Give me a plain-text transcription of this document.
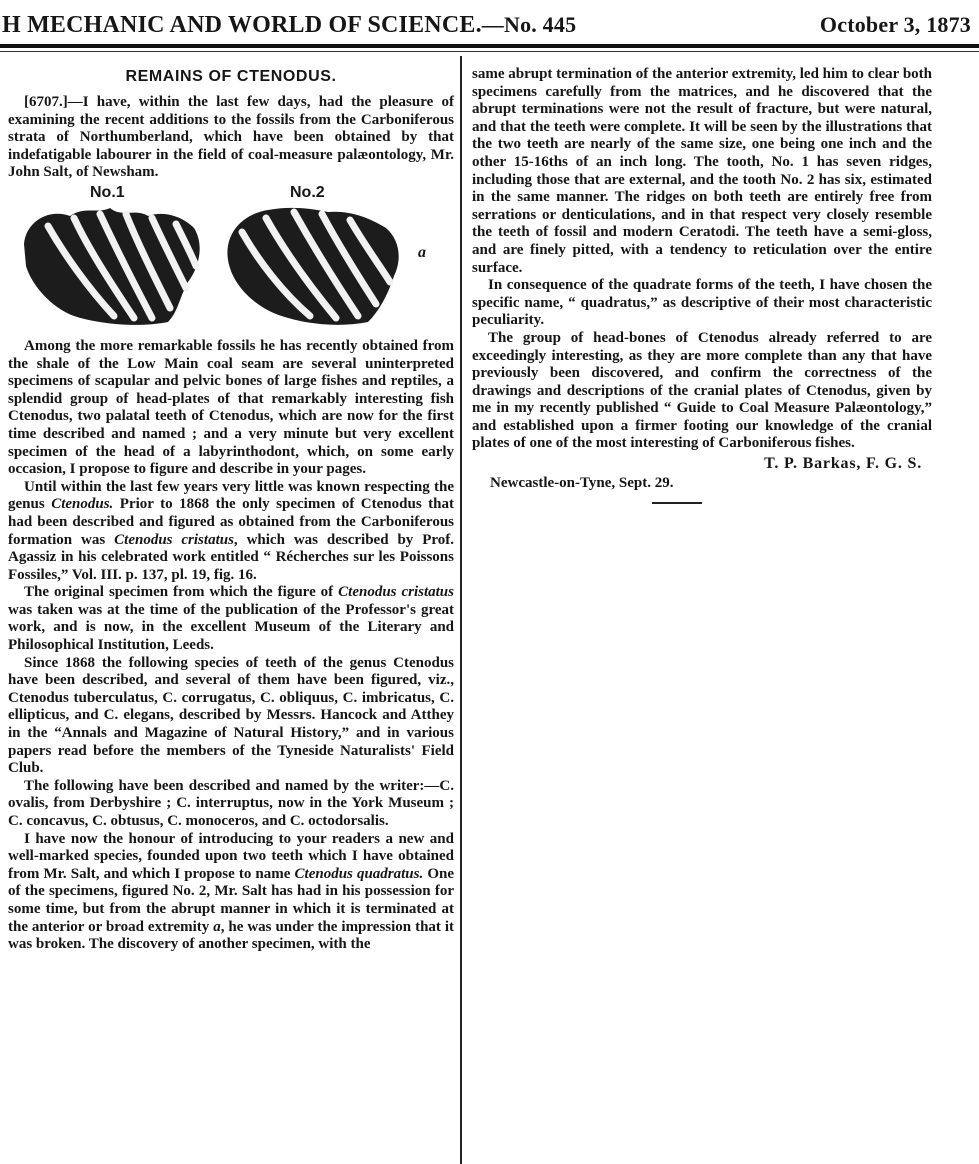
H MECHANIC AND WORLD OF SCIENCE.—No. 445	October 3, 1873
REMAINS OF CTENODUS.

[6707.]—I have, within the last few days, had the pleasure of examining the recent additions to the fossils from the Carboniferous strata of Northumberland, which have been obtained by that indefatigable labourer in the field of coal-measure palæontology, Mr. John Salt, of Newsham.

No.1	No.2
a

Among the more remarkable fossils he has recently obtained from the shale of the Low Main coal seam are several uninterpreted specimens of scapular and pelvic bones of large fishes and reptiles, a splendid group of head-plates of that remarkably interesting fish Ctenodus, two palatal teeth of Ctenodus, which are now for the first time described and named ; and a very minute but very excellent specimen of the head of a labyrinthodont, which, on some early occasion, I propose to figure and describe in your pages.

Until within the last few years very little was known respecting the genus Ctenodus. Prior to 1868 the only specimen of Ctenodus that had been described and figured as obtained from the Carboniferous formation was Ctenodus cristatus, which was described by Prof. Agassiz in his celebrated work entitled “ Récherches sur les Poissons Fossiles,” Vol. III. p. 137, pl. 19, fig. 16.

The original specimen from which the figure of Ctenodus cristatus was taken was at the time of the publication of the Professor's great work, and is now, in the excellent Museum of the Literary and Philosophical Institution, Leeds.

Since 1868 the following species of teeth of the genus Ctenodus have been described, and several of them have been figured, viz., Ctenodus tuberculatus, C. corrugatus, C. obliquus, C. imbricatus, C. ellipticus, and C. elegans, described by Messrs. Hancock and Atthey in the “Annals and Magazine of Natural History,” and in various papers read before the members of the Tyneside Naturalists' Field Club.

The following have been described and named by the writer:—C. ovalis, from Derbyshire ; C. interruptus, now in the York Museum ; C. concavus, C. obtusus, C. monoceros, and C. octodorsalis.

I have now the honour of introducing to your readers a new and well-marked species, founded upon two teeth which I have obtained from Mr. Salt, and which I propose to name Ctenodus quadratus. One of the specimens, figured No. 2, Mr. Salt has had in his possession for some time, but from the abrupt manner in which it is terminated at the anterior or broad extremity a, he was under the impression that it was broken. The discovery of another specimen, with the

same abrupt termination of the anterior extremity, led him to clear both specimens carefully from the matrices, and he discovered that the abrupt terminations were not the result of fracture, but were natural, and that the teeth were complete. It will be seen by the illustrations that the two teeth are nearly of the same size, one being one inch and the other 15-16ths of an inch long. The tooth, No. 1 has seven ridges, including those that are external, and the tooth No. 2 has six, estimated in the same manner. The ridges on both teeth are entirely free from serrations or denticulations, and in that respect very closely resemble the teeth of fossil and modern Ceratodi. The teeth have a semi-gloss, and are finely pitted, with a tendency to reticulation over the entire surface.

In consequence of the quadrate forms of the teeth, I have chosen the specific name, “ quadratus,” as descriptive of their most characteristic peculiarity.

The group of head-bones of Ctenodus already referred to are exceedingly interesting, as they are more complete than any that have previously been discovered, and confirm the correctness of the drawings and descriptions of the cranial plates of Ctenodus, given by me in my recently published “ Guide to Coal Measure Palæontology,” and established upon a firmer footing our knowledge of the cranial plates of one of the most interesting of Carboniferous fishes.

T. P. Barkas, F. G. S.
Newcastle-on-Tyne, Sept. 29.
